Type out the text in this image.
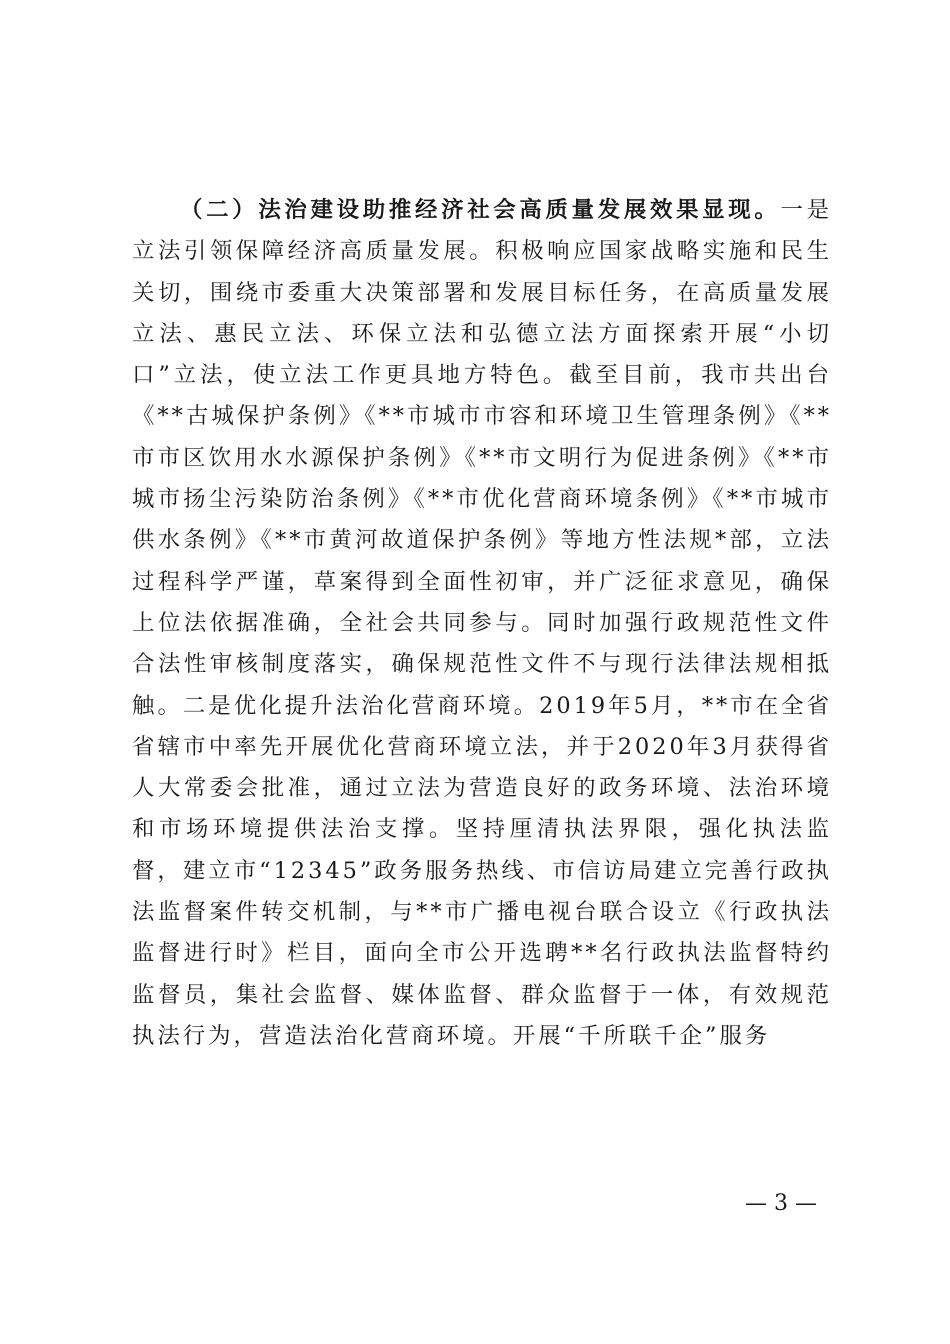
（二）法治建设助推经济社会高质量发展效果显现。一是立法引领保障经济高质量发展。积极响应国家战略实施和民生关切，围绕市委重大决策部署和发展目标任务，在高质量发展立法、惠民立法、环保立法和弘德立法方面探索开展“小切口”立法，使立法工作更具地方特色。截至目前，我市共出台《**古城保护条例》《**市城市市容和环境卫生管理条例》《**市市区饮用水水源保护条例》《**市文明行为促进条例》《**市城市扬尘污染防治条例》《**市优化营商环境条例》《**市城市供水条例》《**市黄河故道保护条例》等地方性法规*部，立法过程科学严谨，草案得到全面性初审，并广泛征求意见，确保上位法依据准确，全社会共同参与。同时加强行政规范性文件合法性审核制度落实，确保规范性文件不与现行法律法规相抵触。二是优化提升法治化营商环境。2019年5月，**市在全省省辖市中率先开展优化营商环境立法，并于2020年3月获得省人大常委会批准，通过立法为营造良好的政务环境、法治环境和市场环境提供法治支撑。坚持厘清执法界限，强化执法监督，建立市“12345”政务服务热线、市信访局建立完善行政执法监督案件转交机制，与**市广播电视台联合设立《行政执法监督进行时》栏目，面向全市公开选聘**名行政执法监督特约监督员，集社会监督、媒体监督、群众监督于一体，有效规范执法行为，营造法治化营商环境。开展“千所联千企”服务

— 3 —
